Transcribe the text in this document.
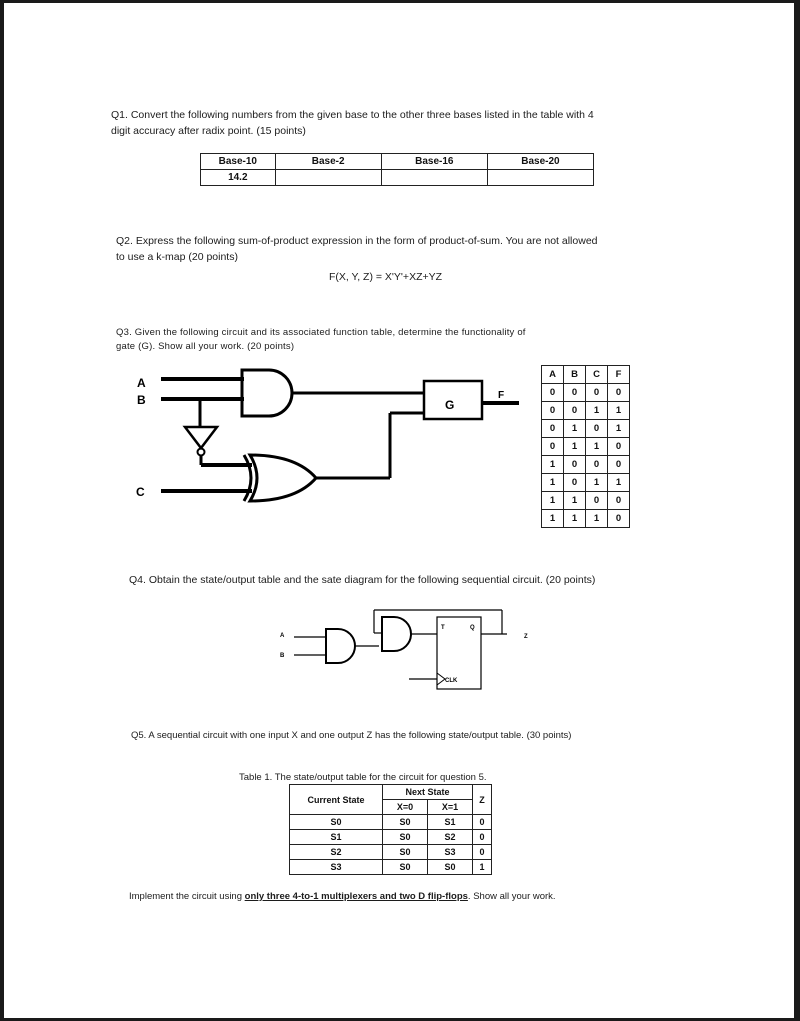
Q1. Convert the following numbers from the given base to the other three bases listed in the table with 4
digit accuracy after radix point. (15 points)
Base-10	Base-2	Base-16	Base-20
14.2			
Q2. Express the following sum-of-product expression in the form of product-of-sum. You are not allowed
to use a k-map (20 points)
F(X, Y, Z) = X'Y'+XZ+YZ
Q3. Given the following circuit and its associated function table, determine the functionality of
gate (G). Show all your work. (20 points)
A
B
C
G
F
A
B
T	Q
Z
CLK
A	B	C	F
0	0	0	0
0	0	1	1
0	1	0	1
0	1	1	0
1	0	0	0
1	0	1	1
1	1	0	0
1	1	1	0
Q4. Obtain the state/output table and the sate diagram for the following sequential circuit. (20 points)
Q5. A sequential circuit with one input X and one output Z has the following state/output table. (30 points)
Table 1. The state/output table for the circuit for question 5.
Current State	Next State		Z
	X=0	X=1	
S0	S0	S1	0
S1	S0	S2	0
S2	S0	S3	0
S3	S0	S0	1
Implement the circuit using only three 4-to-1 multiplexers and two D flip-flops. Show all your work.
